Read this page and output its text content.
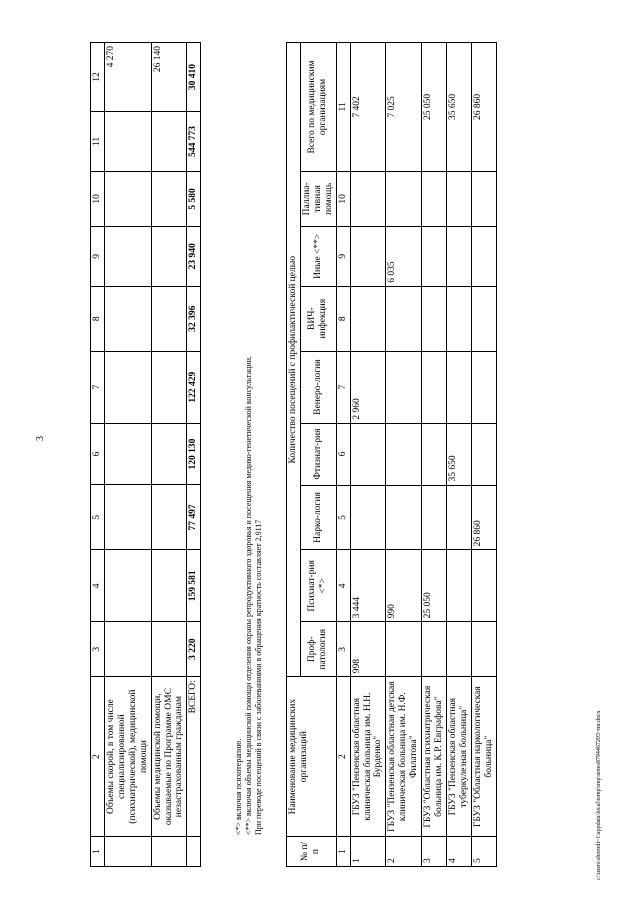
3
c:\users\sborodi~1\appdata\local\temp\tmp\notes8794467203~mr.docx
1	2	3	4	5	6	7	8	9	10	11	12
	Объемы скорой, в том числе специализированной (психиатрической), медицинской помощи										4 270
	Объемы медицинской помощи, оказываемые по Программе ОМС незастрахованным гражданам										26 140
	ВСЕГО:	3 220	159 581	77 497	120 130	122 429	32 396	23 940	5 580	544 773	30 410
<*> включая психотерапию. <**> включая объемы медицинской помощи отделения охраны репродуктивного здоровья и посещения медико-генетической консультации. При переводе посещений в связи с заболеваниями в обращения кратность составляет 2,9117
№ п/п	Наименование медицинских организаций	Количество посещений с профилактической целью								
		Проф-патология	Психиат-рия <*>	Нарко-логия	Фтизиат-рия	Венеро-логия	ВИЧ-инфекция	Иные <**>	Паллиа-тивная помощь	Всего по медицинским организациям
1	2	3	4	5	6	7	8	9	10	11
1	ГБУЗ "Пензенская областная клиническая больница им. Н.Н. Бурденко"	998	3 444			2 960				7 402
2	ГБУЗ "Пензенская областная детская клиническая больница им. Н.Ф. Филатова"		990					6 035		7 025
3	ГБУЗ "Областная психиатрическая больница им. К.Р. Евграфова"		25 050							25 050
4	ГБУЗ "Пензенская областная туберкулезная больница"				35 650					35 650
5	ГБУЗ "Областная наркологическая больница"			26 860						26 860
